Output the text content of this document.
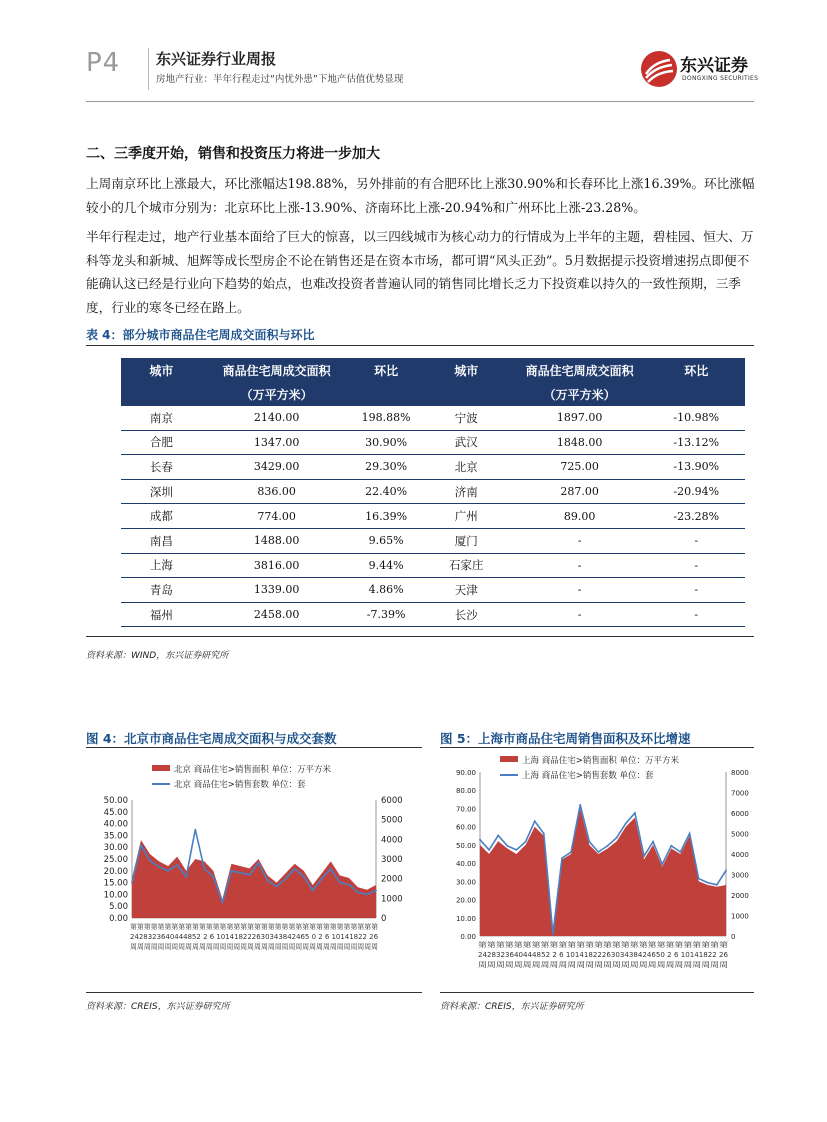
P4 东兴证券行业周报
房地产行业：半年行程走过“内忧外患”下地产估值优势显现
东兴证券
DONGXING SECURITIES
二、三季度开始，销售和投资压力将进一步加大

上周南京环比上涨最大，环比涨幅达198.88%，另外排前的有合肥环比上涨30.90%和长春环比上涨16.39%。环比涨幅较小的几个城市分别为：北京环比上涨-13.90%、济南环比上涨-20.94%和广州环比上涨-23.28%。

半年行程走过，地产行业基本面给了巨大的惊喜，以三四线城市为核心动力的行情成为上半年的主题，碧桂园、恒大、万科等龙头和新城、旭辉等成长型房企不论在销售还是在资本市场，都可谓“风头正劲”。5月数据提示投资增速拐点即便不能确认这已经是行业向下趋势的始点，也难改投资者普遍认同的销售同比增长乏力下投资难以持久的一致性预期，三季度，行业的寒冬已经在路上。

表 4：部分城市商品住宅周成交面积与环比
城市	商品住宅周成交面积	环比	城市	商品住宅周成交面积	环比
	（万平方米）			（万平方米）	
南京	2140.00	198.88%	宁波	1897.00	-10.98%
合肥	1347.00	30.90%	武汉	1848.00	-13.12%
长春	3429.00	29.30%	北京	725.00	-13.90%
深圳	836.00	22.40%	济南	287.00	-20.94%
成都	774.00	16.39%	广州	89.00	-23.28%
南昌	1488.00	9.65%	厦门	-	-
上海	3816.00	9.44%	石家庄	-	-
青岛	1339.00	4.86%	天津	-	-
福州	2458.00	-7.39%	长沙	-	-
资料来源：WIND，东兴证券研究所
图 4：北京市商品住宅周成交面积与成交套数
北京 商品住宅>销售面积 单位：万平方米
北京 商品住宅>销售套数 单位：套
50.00
45.00
40.00
35.00
30.00
25.00
20.00
15.00
10.00
5.00
0.00
6000
5000
4000
3000
2000
1000
0
第第第第第第第第第第第第第第第第第第第第第第第第第第第第第第第第第第第第
2428323640444852 2 6 101418222630343842465 0 2 6 10141822 26
周周周周周周周周周周周周周周周周周周周周周周周周周周周周周周周周周周周周
资料来源：CREIS，东兴证券研究所
图 5：上海市商品住宅周销售面积及环比增速
上海 商品住宅>销售面积 单位：万平方米
上海 商品住宅>销售套数 单位：套
90.00
80.00
70.00
60.00
50.00
40.00
30.00
20.00
10.00
0.00
8000
7000
6000
5000
4000
3000
2000
1000
0
第第第第第第第第第第第第第第第第第第第第第第第第第第第第
2428323640444852 2 6 1014182226303438424650 2 6 10141822 26
周周周周周周周周周周周周周周周周周周周周周周周周周周周周
资料来源：CREIS，东兴证券研究所
